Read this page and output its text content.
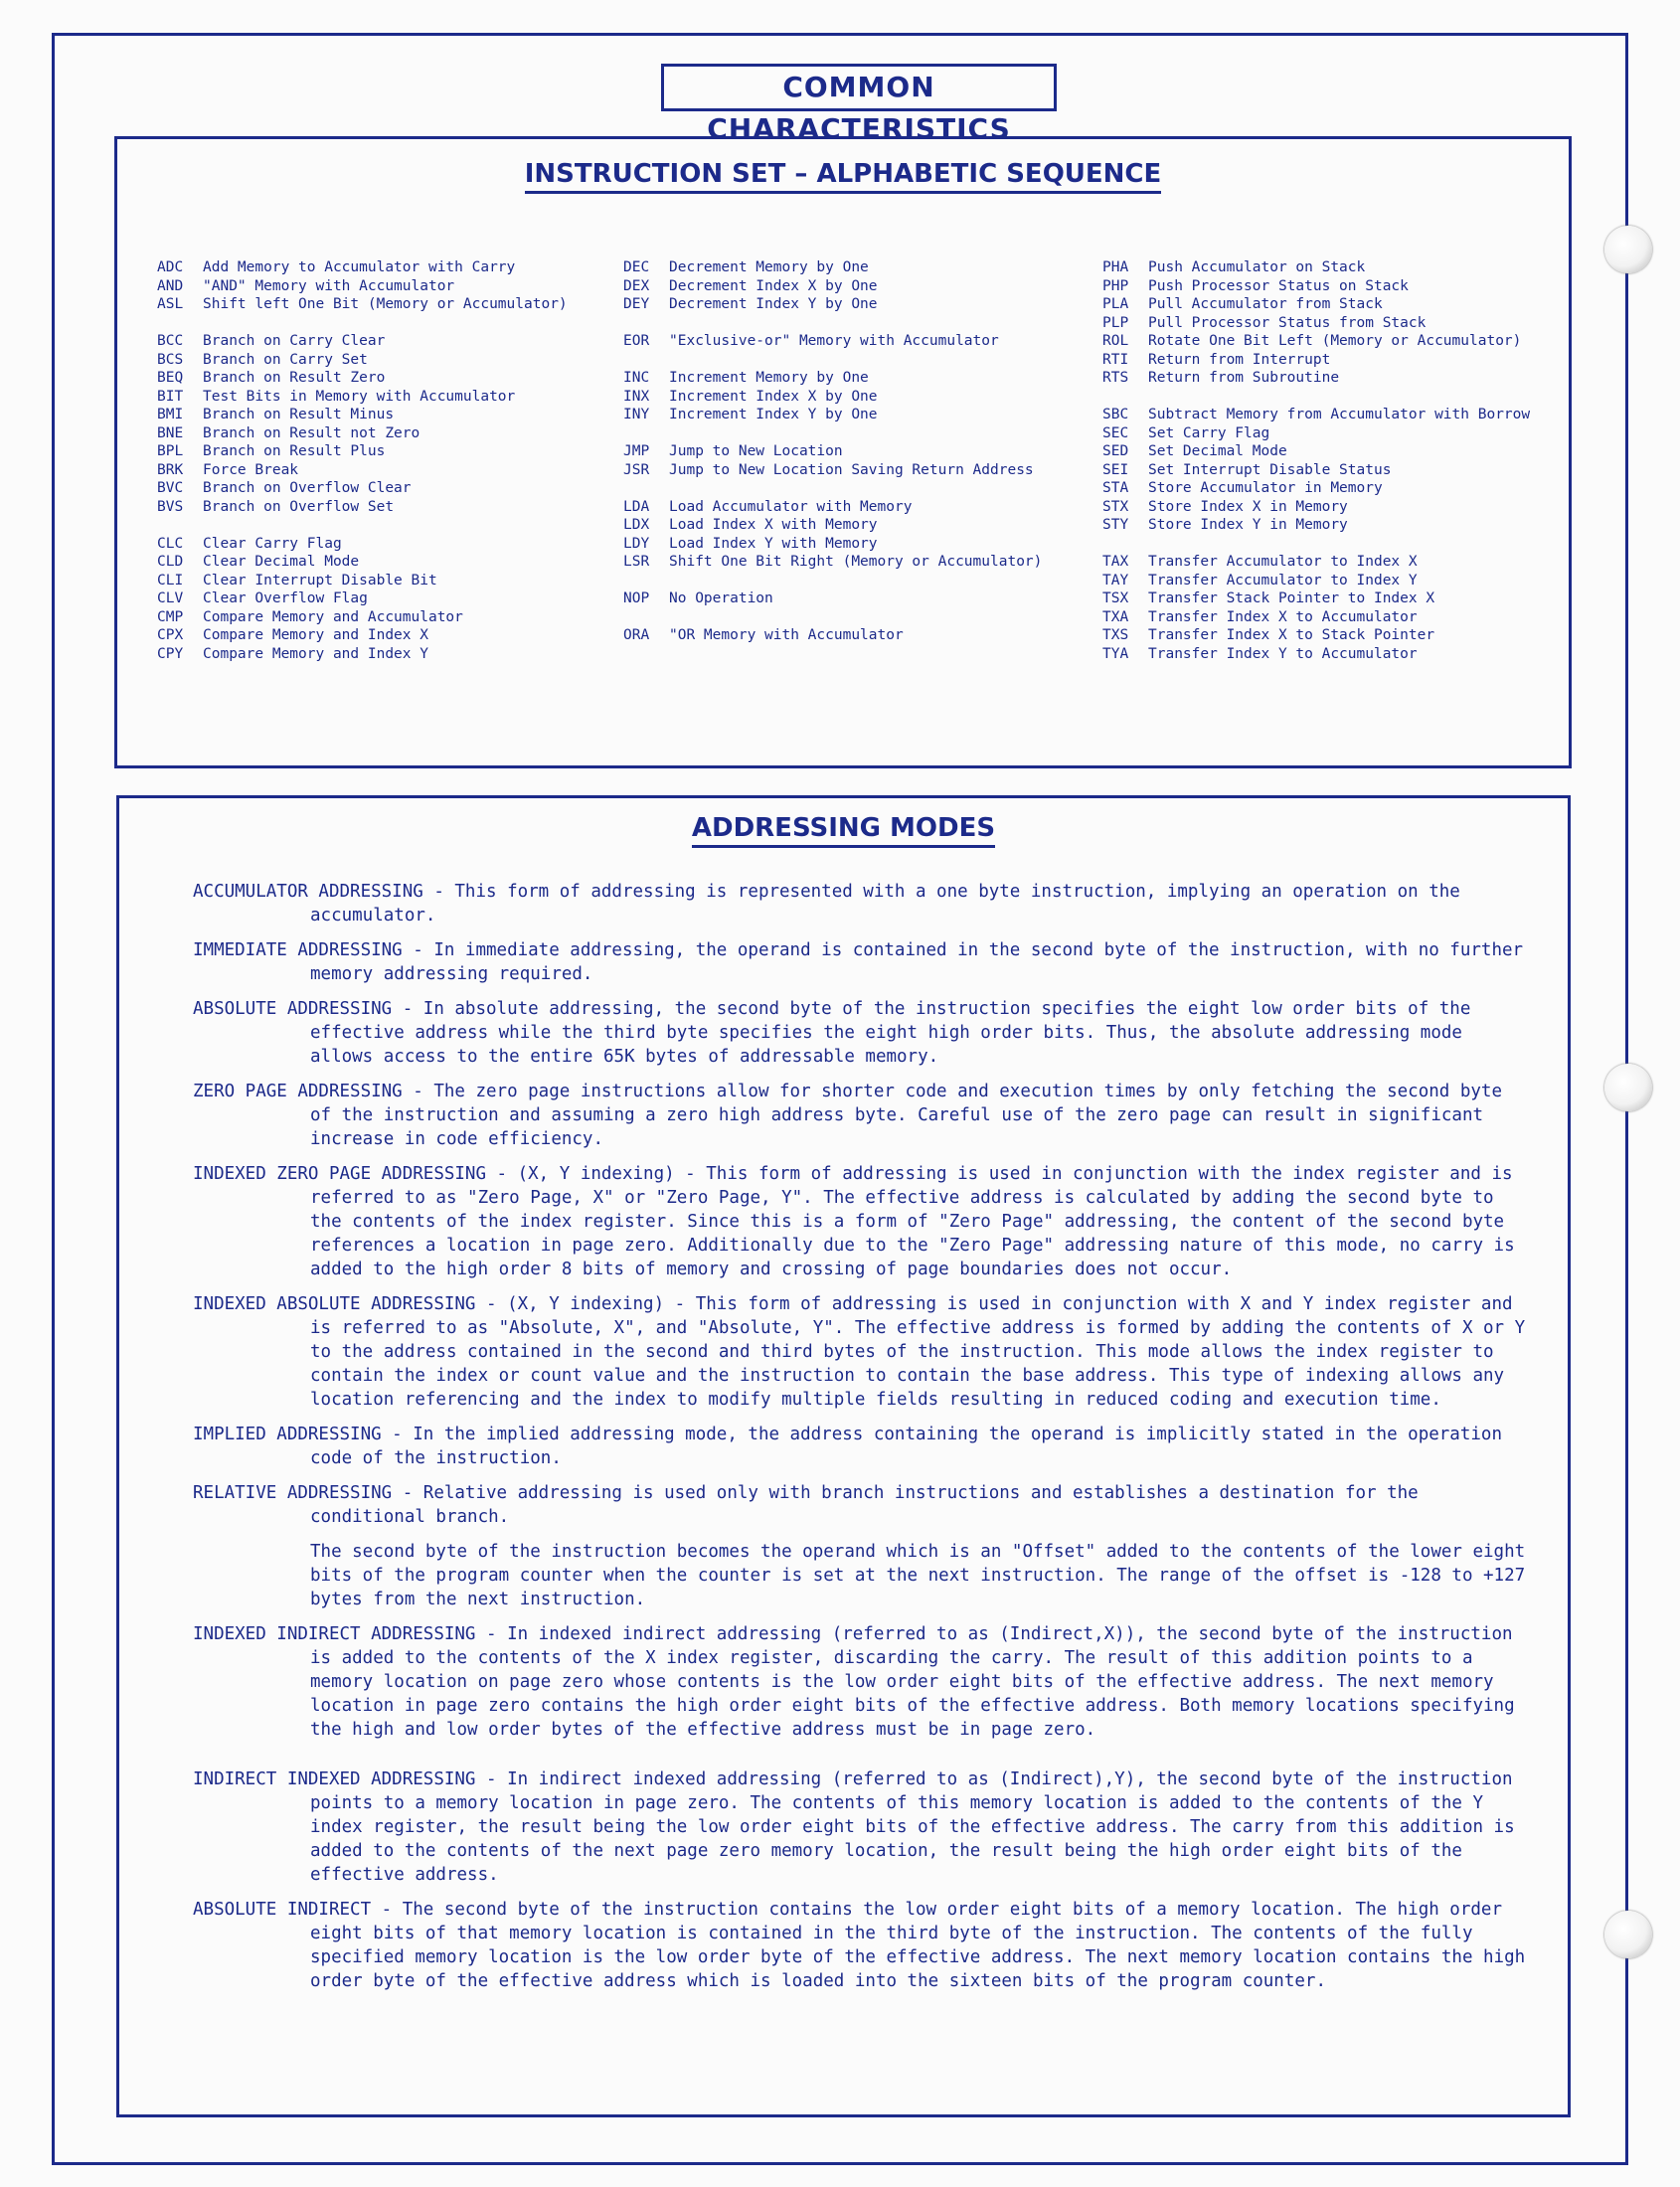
COMMON CHARACTERISTICS
INSTRUCTION SET – ALPHABETIC SEQUENCE
ADC	Add Memory to Accumulator with Carry
AND	"AND" Memory with Accumulator
ASL	Shift left One Bit (Memory or Accumulator)
BCC	Branch on Carry Clear
BCS	Branch on Carry Set
BEQ	Branch on Result Zero
BIT	Test Bits in Memory with Accumulator
BMI	Branch on Result Minus
BNE	Branch on Result not Zero
BPL	Branch on Result Plus
BRK	Force Break
BVC	Branch on Overflow Clear
BVS	Branch on Overflow Set
CLC	Clear Carry Flag
CLD	Clear Decimal Mode
CLI	Clear Interrupt Disable Bit
CLV	Clear Overflow Flag
CMP	Compare Memory and Accumulator
CPX	Compare Memory and Index X
CPY	Compare Memory and Index Y
DEC	Decrement Memory by One
DEX	Decrement Index X by One
DEY	Decrement Index Y by One
EOR	"Exclusive-or" Memory with Accumulator
INC	Increment Memory by One
INX	Increment Index X by One
INY	Increment Index Y by One
JMP	Jump to New Location
JSR	Jump to New Location Saving Return Address
LDA	Load Accumulator with Memory
LDX	Load Index X with Memory
LDY	Load Index Y with Memory
LSR	Shift One Bit Right (Memory or Accumulator)
NOP	No Operation
ORA	"OR Memory with Accumulator
PHA	Push Accumulator on Stack
PHP	Push Processor Status on Stack
PLA	Pull Accumulator from Stack
PLP	Pull Processor Status from Stack
ROL	Rotate One Bit Left (Memory or Accumulator)
RTI	Return from Interrupt
RTS	Return from Subroutine
SBC	Subtract Memory from Accumulator with Borrow
SEC	Set Carry Flag
SED	Set Decimal Mode
SEI	Set Interrupt Disable Status
STA	Store Accumulator in Memory
STX	Store Index X in Memory
STY	Store Index Y in Memory
TAX	Transfer Accumulator to Index X
TAY	Transfer Accumulator to Index Y
TSX	Transfer Stack Pointer to Index X
TXA	Transfer Index X to Accumulator
TXS	Transfer Index X to Stack Pointer
TYA	Transfer Index Y to Accumulator
ADDRESSING MODES

ACCUMULATOR ADDRESSING - This form of addressing is represented with a one byte instruction, implying an operation on the accumulator.

IMMEDIATE ADDRESSING - In immediate addressing, the operand is contained in the second byte of the instruction, with no further memory addressing required.

ABSOLUTE ADDRESSING - In absolute addressing, the second byte of the instruction specifies the eight low order bits of the effective address while the third byte specifies the eight high order bits. Thus, the absolute addressing mode allows access to the entire 65K bytes of addressable memory.

ZERO PAGE ADDRESSING - The zero page instructions allow for shorter code and execution times by only fetching the second byte of the instruction and assuming a zero high address byte. Careful use of the zero page can result in significant increase in code efficiency.

INDEXED ZERO PAGE ADDRESSING - (X, Y indexing) - This form of addressing is used in conjunction with the index register and is referred to as "Zero Page, X" or "Zero Page, Y". The effective address is calculated by adding the second byte to the contents of the index register. Since this is a form of "Zero Page" addressing, the content of the second byte references a location in page zero. Additionally due to the "Zero Page" addressing nature of this mode, no carry is added to the high order 8 bits of memory and crossing of page boundaries does not occur.

INDEXED ABSOLUTE ADDRESSING - (X, Y indexing) - This form of addressing is used in conjunction with X and Y index register and is referred to as "Absolute, X", and "Absolute, Y". The effective address is formed by adding the contents of X or Y to the address contained in the second and third bytes of the instruction. This mode allows the index register to contain the index or count value and the instruction to contain the base address. This type of indexing allows any location referencing and the index to modify multiple fields resulting in reduced coding and execution time.

IMPLIED ADDRESSING - In the implied addressing mode, the address containing the operand is implicitly stated in the operation code of the instruction.

RELATIVE ADDRESSING - Relative addressing is used only with branch instructions and establishes a destination for the conditional branch.

The second byte of the instruction becomes the operand which is an "Offset" added to the contents of the lower eight bits of the program counter when the counter is set at the next instruction. The range of the offset is -128 to +127 bytes from the next instruction.

INDEXED INDIRECT ADDRESSING - In indexed indirect addressing (referred to as (Indirect,X)), the second byte of the instruction is added to the contents of the X index register, discarding the carry. The result of this addition points to a memory location on page zero whose contents is the low order eight bits of the effective address. The next memory location in page zero contains the high order eight bits of the effective address. Both memory locations specifying the high and low order bytes of the effective address must be in page zero.

INDIRECT INDEXED ADDRESSING - In indirect indexed addressing (referred to as (Indirect),Y), the second byte of the instruction points to a memory location in page zero. The contents of this memory location is added to the contents of the Y index register, the result being the low order eight bits of the effective address. The carry from this addition is added to the contents of the next page zero memory location, the result being the high order eight bits of the effective address.

ABSOLUTE INDIRECT - The second byte of the instruction contains the low order eight bits of a memory location. The high order eight bits of that memory location is contained in the third byte of the instruction. The contents of the fully specified memory location is the low order byte of the effective address. The next memory location contains the high order byte of the effective address which is loaded into the sixteen bits of the program counter.
